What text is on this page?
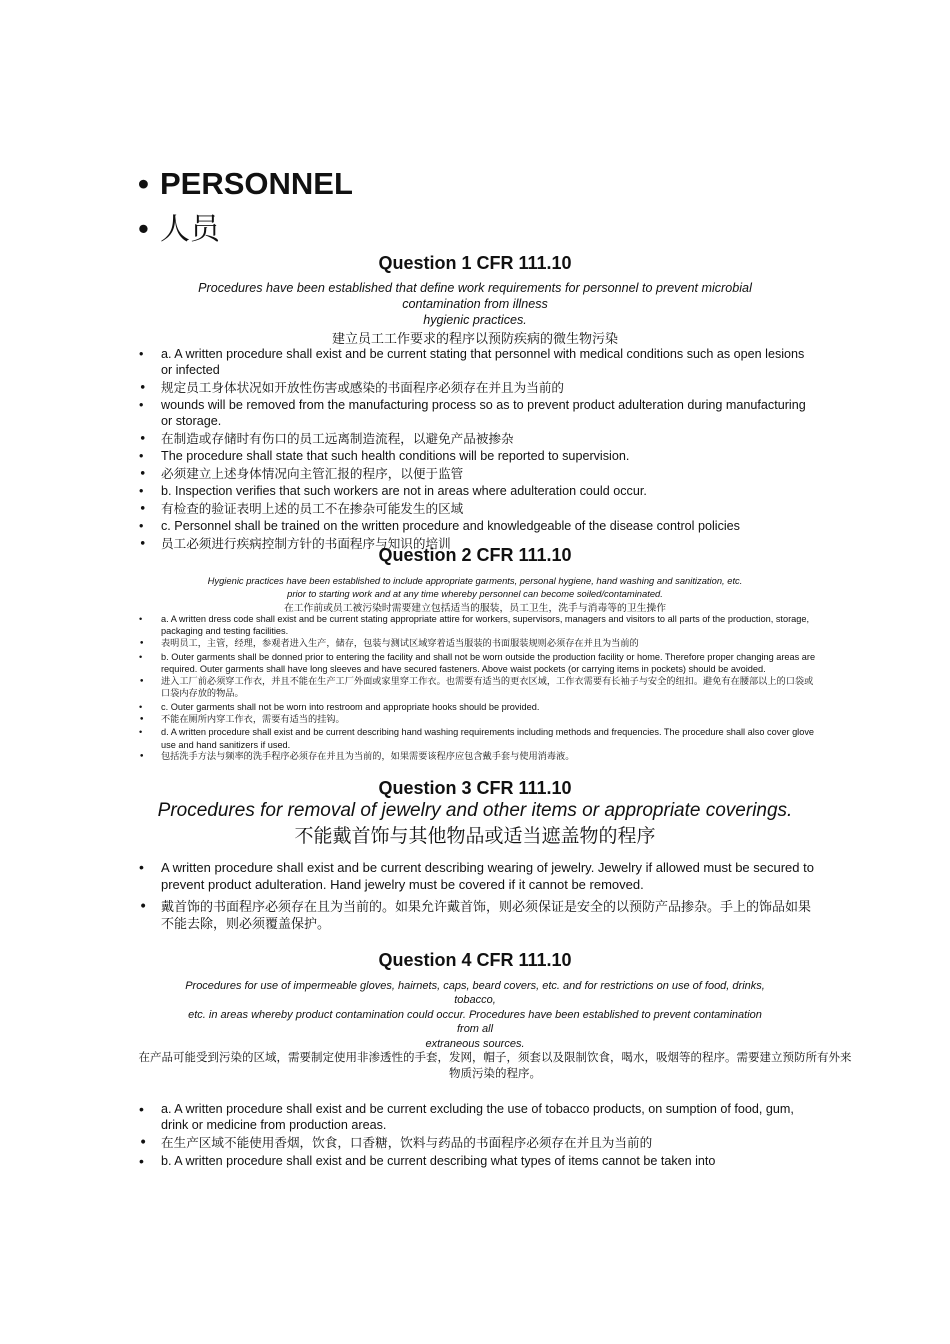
• PERSONNEL
• 人员
Question 1 CFR 111.10
Procedures have been established that define work requirements for personnel to prevent microbial
contamination from illness
hygienic practices.
建立员工工作要求的程序以预防疾病的微生物污染
• a. A written procedure shall exist and be current stating that personnel with medical conditions such as open lesions or infected
• 规定员工身体状况如开放性伤害或感染的书面程序必须存在并且为当前的
• wounds will be removed from the manufacturing process so as to prevent product adulteration during manufacturing or storage.
• 在制造或存储时有伤口的员工远离制造流程，以避免产品被掺杂
• The procedure shall state that such health conditions will be reported to supervision.
• 必须建立上述身体情况向主管汇报的程序，以便于监管
• b. Inspection verifies that such workers are not in areas where adulteration could occur.
• 有检查的验证表明上述的员工不在掺杂可能发生的区域
• c. Personnel shall be trained on the written procedure and knowledgeable of the disease control policies
• 员工必须进行疾病控制方针的书面程序与知识的培训
Question 2 CFR 111.10
Hygienic practices have been established to include appropriate garments, personal hygiene, hand washing and sanitization, etc.
prior to starting work and at any time whereby personnel can become soiled/contaminated.
在工作前或员工被污染时需要建立包括适当的服装，员工卫生，洗手与消毒等的卫生操作
• a. A written dress code shall exist and be current stating appropriate attire for workers, supervisors, managers and visitors to all parts of the production, storage, packaging and testing facilities.
• 表明员工，主管，经理，参观者进入生产，储存，包装与测试区域穿着适当服装的书面服装规则必须存在并且为当前的
• b. Outer garments shall be donned prior to entering the facility and shall not be worn outside the production facility or home. Therefore proper changing areas are required. Outer garments shall have long sleeves and have secured fasteners. Above waist pockets (or carrying items in pockets) should be avoided.
• 进入工厂前必须穿工作衣，并且不能在生产工厂外面或家里穿工作衣。也需要有适当的更衣区域，工作衣需要有长袖子与安全的纽扣。避免有在腰部以上的口袋或口袋内存放的物品。
• c. Outer garments shall not be worn into restroom and appropriate hooks should be provided.
• 不能在厕所内穿工作衣，需要有适当的挂钩。
• d. A written procedure shall exist and be current describing hand washing requirements including methods and frequencies. The procedure shall also cover glove use and hand sanitizers if used.
• 包括洗手方法与频率的洗手程序必须存在并且为当前的，如果需要该程序应包含戴手套与使用消毒液。
Question 3 CFR 111.10
Procedures for removal of jewelry and other items or appropriate coverings.
不能戴首饰与其他物品或适当遮盖物的程序
• A written procedure shall exist and be current describing wearing of jewelry. Jewelry if allowed must be secured to prevent product adulteration. Hand jewelry must be covered if it cannot be removed.
• 戴首饰的书面程序必须存在且为当前的。如果允许戴首饰，则必须保证是安全的以预防产品掺杂。手上的饰品如果不能去除，则必须覆盖保护。
Question 4 CFR 111.10
Procedures for use of impermeable gloves, hairnets, caps, beard covers, etc. and for restrictions on use of food, drinks,
tobacco,
etc. in areas whereby product contamination could occur. Procedures have been established to prevent contamination
from all
extraneous sources.
在产品可能受到污染的区域，需要制定使用非渗透性的手套，发网，帽子，须套以及限制饮食，喝水，吸烟等的程序。需要建立预防所有外来物质污染的程序。
• a. A written procedure shall exist and be current excluding the use of tobacco products, on sumption of food, gum, drink or medicine from production areas.
• 在生产区域不能使用香烟，饮食，口香糖，饮料与药品的书面程序必须存在并且为当前的
• b. A written procedure shall exist and be current describing what types of items cannot be taken into
